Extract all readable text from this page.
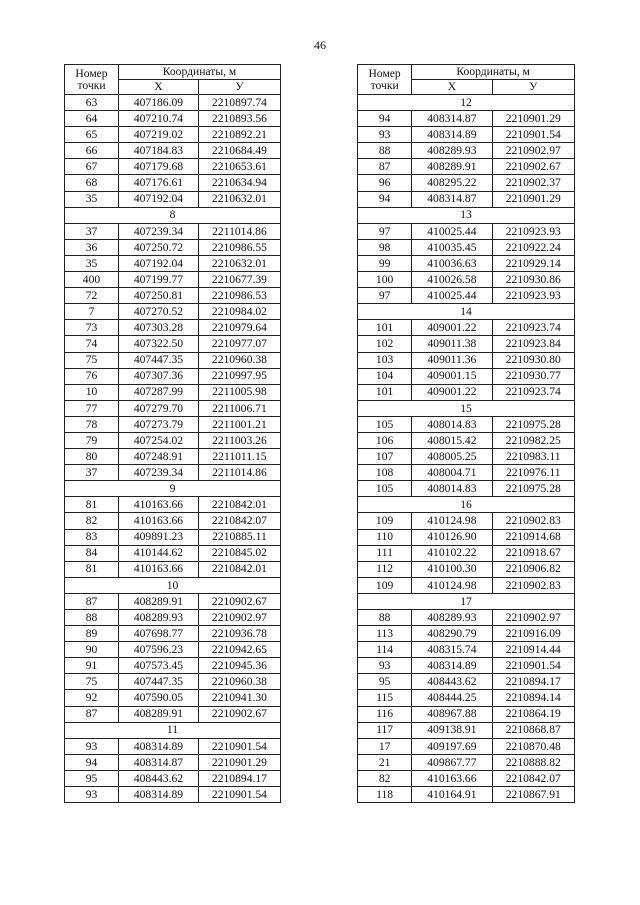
46
Номер
точки	Координаты, м	
	X	У
63	407186.09	2210897.74
64	407210.74	2210893.56
65	407219.02	2210892.21
66	407184.83	2210684.49
67	407179.68	2210653.61
68	407176.61	2210634.94
35	407192.04	2210632.01
8		
37	407239.34	2211014.86
36	407250.72	2210986.55
35	407192.04	2210632.01
400	407199.77	2210677.39
72	407250.81	2210986.53
7	407270.52	2210984.02
73	407303.28	2210979.64
74	407322.50	2210977.07
75	407447.35	2210960.38
76	407307.36	2210997.95
10	407287.99	2211005.98
77	407279.70	2211006.71
78	407273.79	2211001.21
79	407254.02	2211003.26
80	407248.91	2211011.15
37	407239.34	2211014.86
9		
81	410163.66	2210842.01
82	410163.66	2210842.07
83	409891.23	2210885.11
84	410144.62	2210845.02
81	410163.66	2210842.01
10		
87	408289.91	2210902.67
88	408289.93	2210902.97
89	407698.77	2210936.78
90	407596.23	2210942.65
91	407573.45	2210945.36
75	407447.35	2210960.38
92	407590.05	2210941.30
87	408289.91	2210902.67
11		
93	408314.89	2210901.54
94	408314.87	2210901.29
95	408443.62	2210894.17
93	408314.89	2210901.54
Номер
точки	Координаты, м	
	X	У
12		
94	408314.87	2210901.29
93	408314.89	2210901.54
88	408289.93	2210902.97
87	408289.91	2210902.67
96	408295.22	2210902.37
94	408314.87	2210901.29
13		
97	410025.44	2210923.93
98	410035.45	2210922.24
99	410036.63	2210929.14
100	410026.58	2210930.86
97	410025.44	2210923.93
14		
101	409001.22	2210923.74
102	409011.38	2210923.84
103	409011.36	2210930.80
104	409001.15	2210930.77
101	409001.22	2210923.74
15		
105	408014.83	2210975.28
106	408015.42	2210982.25
107	408005.25	2210983.11
108	408004.71	2210976.11
105	408014.83	2210975.28
16		
109	410124.98	2210902.83
110	410126.90	2210914.68
111	410102.22	2210918.67
112	410100.30	2210906.82
109	410124.98	2210902.83
17		
88	408289.93	2210902.97
113	408290.79	2210916.09
114	408315.74	2210914.44
93	408314.89	2210901.54
95	408443.62	2210894.17
115	408444.25	2210894.14
116	408967.88	2210864.19
117	409138.91	2210868.87
17	409197.69	2210870.48
21	409867.77	2210888.82
82	410163.66	2210842.07
118	410164.91	2210867.91
